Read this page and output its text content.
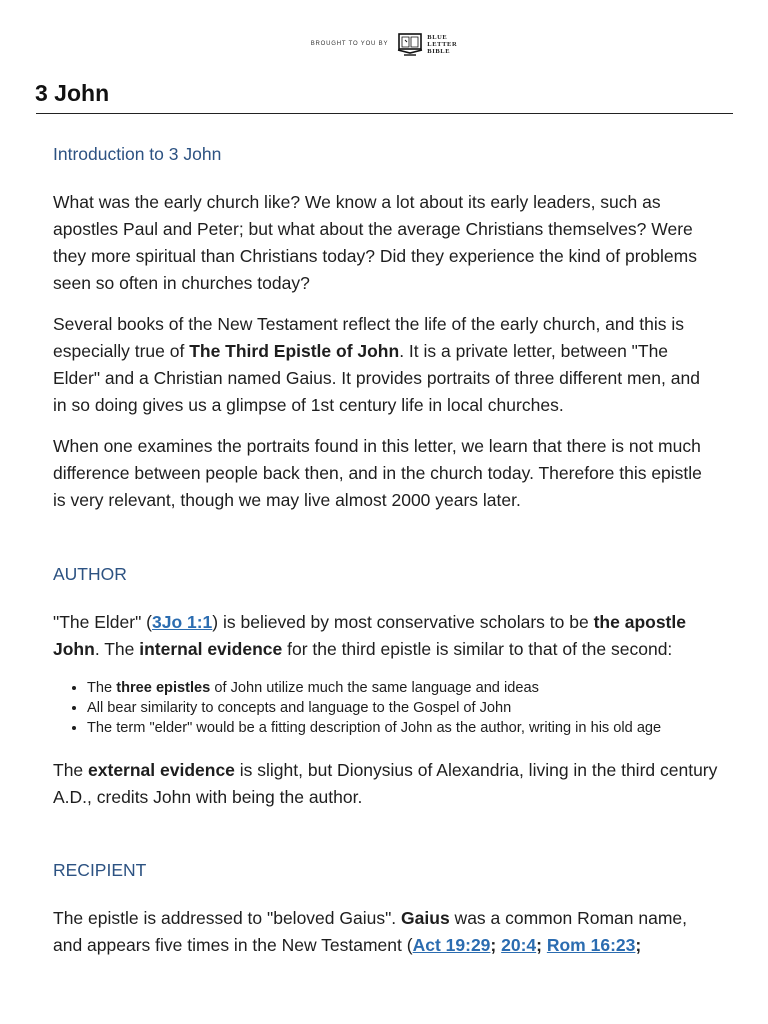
BROUGHT TO YOU BY
BLUE
LETTER
BIBLE
3 John
Introduction to 3 John

What was the early church like? We know a lot about its early leaders, such as apostles Paul and Peter; but what about the average Christians themselves? Were they more spiritual than Christians today? Did they experience the kind of problems seen so often in churches today?

Several books of the New Testament reflect the life of the early church, and this is especially true of The Third Epistle of John. It is a private letter, between "The Elder" and a Christian named Gaius. It provides portraits of three different men, and in so doing gives us a glimpse of 1st century life in local churches.

When one examines the portraits found in this letter, we learn that there is not much difference between people back then, and in the church today. Therefore this epistle is very relevant, though we may live almost 2000 years later.

AUTHOR

"The Elder" (3Jo 1:1) is believed by most conservative scholars to be the apostle John. The internal evidence for the third epistle is similar to that of the second:

• The three epistles of John utilize much the same language and ideas
• All bear similarity to concepts and language to the Gospel of John
• The term "elder" would be a fitting description of John as the author, writing in his old age

The external evidence is slight, but Dionysius of Alexandria, living in the third century A.D., credits John with being the author.

RECIPIENT

The epistle is addressed to "beloved Gaius". Gaius was a common Roman name, and appears five times in the New Testament (Act 19:29; 20:4; Rom 16:23;
